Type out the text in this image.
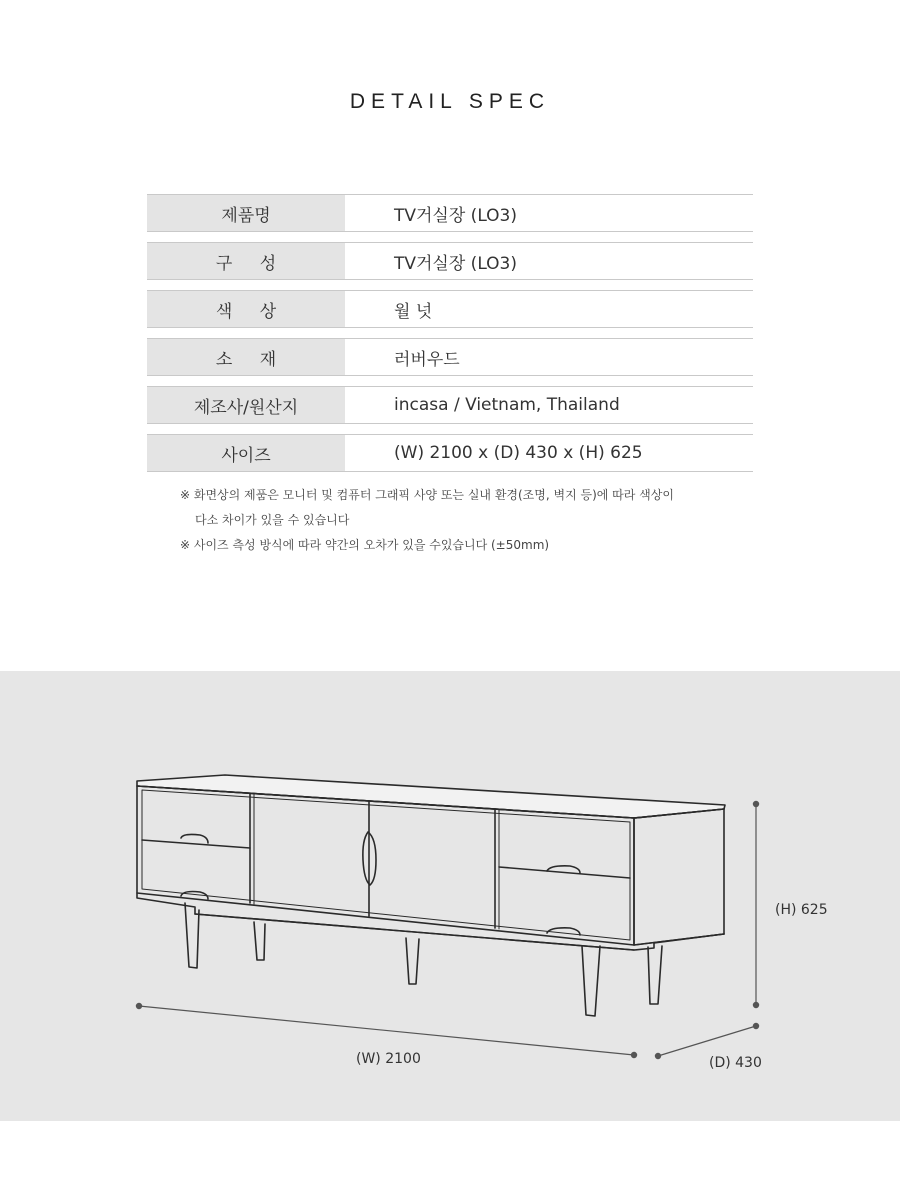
DETAIL SPEC
제품명	TV거실장 (LO3)
구 성	TV거실장 (LO3)
색 상	월 넛
소 재	러버우드
제조사/원산지	incasa / Vietnam, Thailand
사이즈	(W) 2100 x (D) 430 x (H) 625
※ 화면상의 제품은 모니터 및 컴퓨터 그래픽 사양 또는 실내 환경(조명, 벽지 등)에 따라 색상이
다소 차이가 있을 수 있습니다
※ 사이즈 측성 방식에 따라 약간의 오차가 있을 수있습니다 (±50mm)
(W) 2100	(D) 430
(H) 625
